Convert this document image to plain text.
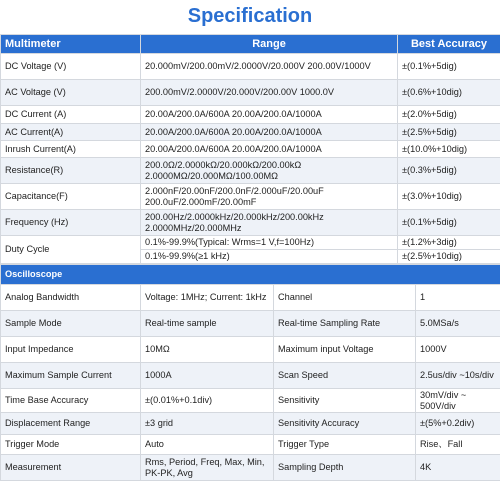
Specification
Multimeter	Range	Best Accuracy
DC Voltage (V)	20.000mV/200.00mV/2.0000V/20.000V 200.00V/1000V	±(0.1%+5dig)
AC Voltage (V)	200.00mV/2.0000V/20.000V/200.00V 1000.0V	±(0.6%+10dig)
DC Current (A)	20.00A/200.0A/600A 20.00A/200.0A/1000A	±(2.0%+5dig)
AC Current(A)	20.00A/200.0A/600A 20.00A/200.0A/1000A	±(2.5%+5dig)
Inrush Current(A)	20.00A/200.0A/600A 20.00A/200.0A/1000A	±(10.0%+10dig)
Resistance(R)	200.0Ω/2.0000kΩ/20.000kΩ/200.00kΩ 2.0000MΩ/20.000MΩ/100.00MΩ	±(0.3%+5dig)
Capacitance(F)	2.000nF/20.00nF/200.0nF/2.000uF/20.00uF 200.0uF/2.000mF/20.00mF	±(3.0%+10dig)
Frequency (Hz)	200.00Hz/2.0000kHz/20.000kHz/200.00kHz 2.0000MHz/20.000MHz	±(0.1%+5dig)
Duty Cycle	0.1%-99.9%(Typical: Wrms=1 V,f=100Hz)	±(1.2%+3dig)
	0.1%-99.9%(≥1 kHz)	±(2.5%+10dig)
Oscilloscope			
Analog Bandwidth	Voltage: 1MHz; Current: 1kHz	Channel	1
Sample Mode	Real-time sample	Real-time Sampling Rate	5.0MSa/s
Input Impedance	10MΩ	Maximum input Voltage	1000V
Maximum Sample Current	1000A	Scan Speed	2.5us/div ~10s/div
Time Base Accuracy	±(0.01%+0.1div)	Sensitivity	30mV/div ~ 500V/div
Displacement Range	±3 grid	Sensitivity Accuracy	±(5%+0.2div)
Trigger Mode	Auto	Trigger Type	Rise、Fall
Measurement	Rms, Period, Freq, Max, Min, PK-PK, Avg	Sampling Depth	4K
